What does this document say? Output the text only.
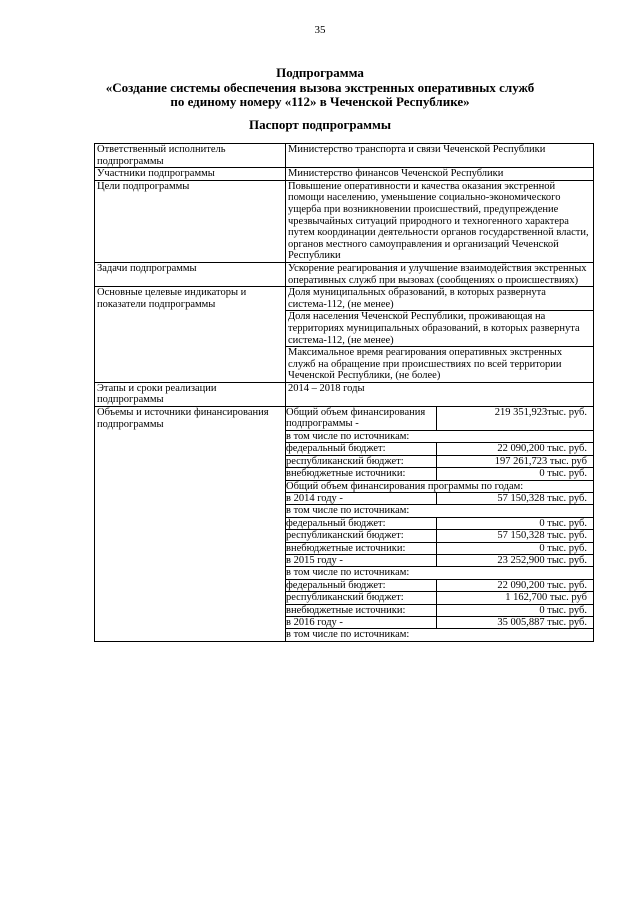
35
Подпрограмма
«Создание системы обеспечения вызова экстренных оперативных служб
по единому номеру «112» в Чеченской Республике»
Паспорт подпрограммы
Ответственный исполнитель подпрограммы	Министерство транспорта и связи Чеченской Республики
Участники подпрограммы	Министерство финансов Чеченской Республики
Цели подпрограммы	Повышение оперативности и качества оказания экстренной помощи населению, уменьшение социально-экономического ущерба при возникновении происшествий, предупреждение чрезвычайных ситуаций природного и техногенного характера путем координации деятельности органов государственной власти, органов местного самоуправления и организаций Чеченской Республики
Задачи подпрограммы	Ускорение реагирования и улучшение взаимодействия экстренных оперативных служб при вызовах (сообщениях о происшествиях)
Основные целевые индикаторы и показатели подпрограммы	Доля муниципальных образований, в которых развернута система-112, (не менее)
Доля населения Чеченской Республики, проживающая на территориях муниципальных образований, в которых развернута система-112, (не менее)
Максимальное время реагирования оперативных экстренных служб на обращение при происшествиях по всей территории Чеченской Республики, (не более)
Этапы и сроки реализации подпрограммы	2014 – 2018 годы
Объемы и источники финансирования подпрограммы	
Общий объем финансирования подпрограммы -	219 351,923тыс. руб.
в том числе по источникам:
федеральный бюджет:	22 090,200 тыс. руб.
республиканский бюджет:	197 261,723 тыс. руб
внебюджетные источники:	0 тыс. руб.
Общий объем финансирования программы по годам:
в 2014 году -	57 150,328 тыс. руб.
в том числе по источникам:
федеральный бюджет:	0 тыс. руб.
республиканский бюджет:	57 150,328 тыс. руб.
внебюджетные источники:	0 тыс. руб.
в 2015 году -	23 252,900 тыс. руб.
в том числе по источникам:
федеральный бюджет:	22 090,200 тыс. руб.
республиканский бюджет:	1 162,700 тыс. руб
внебюджетные источники:	0 тыс. руб.
в 2016 году -	35 005,887 тыс. руб.
в том числе по источникам:
